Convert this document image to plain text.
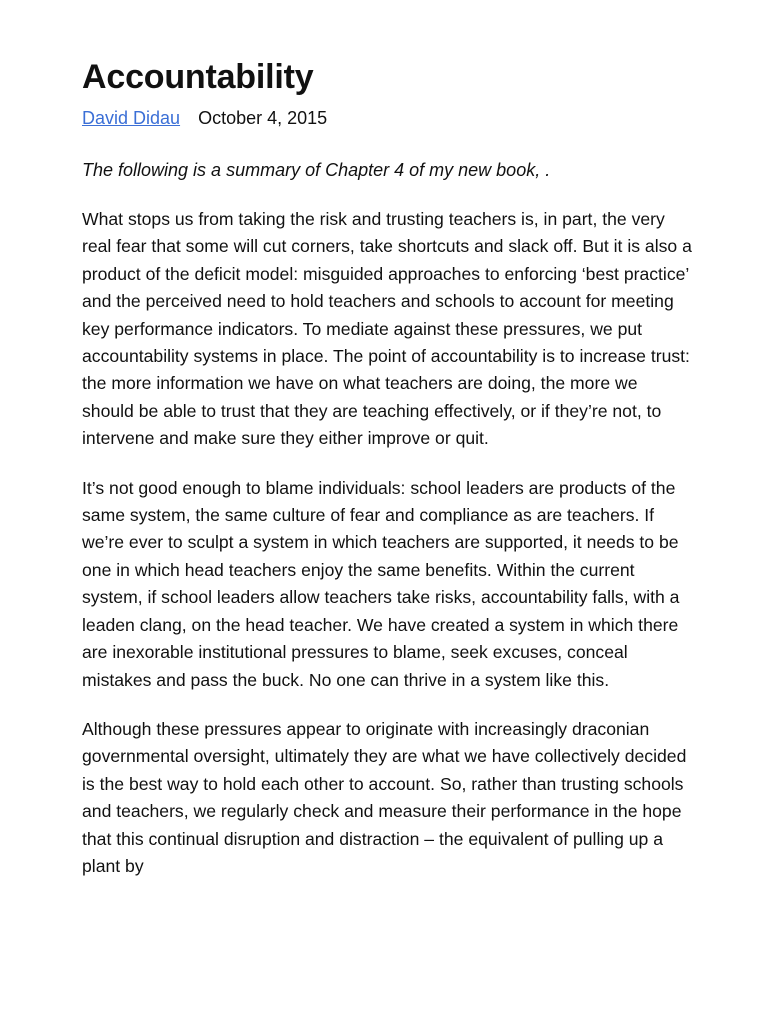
Accountability
David Didau October 4, 2015

The following is a summary of Chapter 4 of my new book, .

What stops us from taking the risk and trusting teachers is, in part, the very real fear that some will cut corners, take shortcuts and slack off. But it is also a product of the deficit model: misguided approaches to enforcing ‘best practice’ and the perceived need to hold teachers and schools to account for meeting key performance indicators. To mediate against these pressures, we put accountability systems in place. The point of accountability is to increase trust: the more information we have on what teachers are doing, the more we should be able to trust that they are teaching effectively, or if they’re not, to intervene and make sure they either improve or quit.

It’s not good enough to blame individuals: school leaders are products of the same system, the same culture of fear and compliance as are teachers. If we’re ever to sculpt a system in which teachers are supported, it needs to be one in which head teachers enjoy the same benefits. Within the current system, if school leaders allow teachers take risks, accountability falls, with a leaden clang, on the head teacher. We have created a system in which there are inexorable institutional pressures to blame, seek excuses, conceal mistakes and pass the buck. No one can thrive in a system like this.

Although these pressures appear to originate with increasingly draconian governmental oversight, ultimately they are what we have collectively decided is the best way to hold each other to account. So, rather than trusting schools and teachers, we regularly check and measure their performance in the hope that this continual disruption and distraction – the equivalent of pulling up a plant by
